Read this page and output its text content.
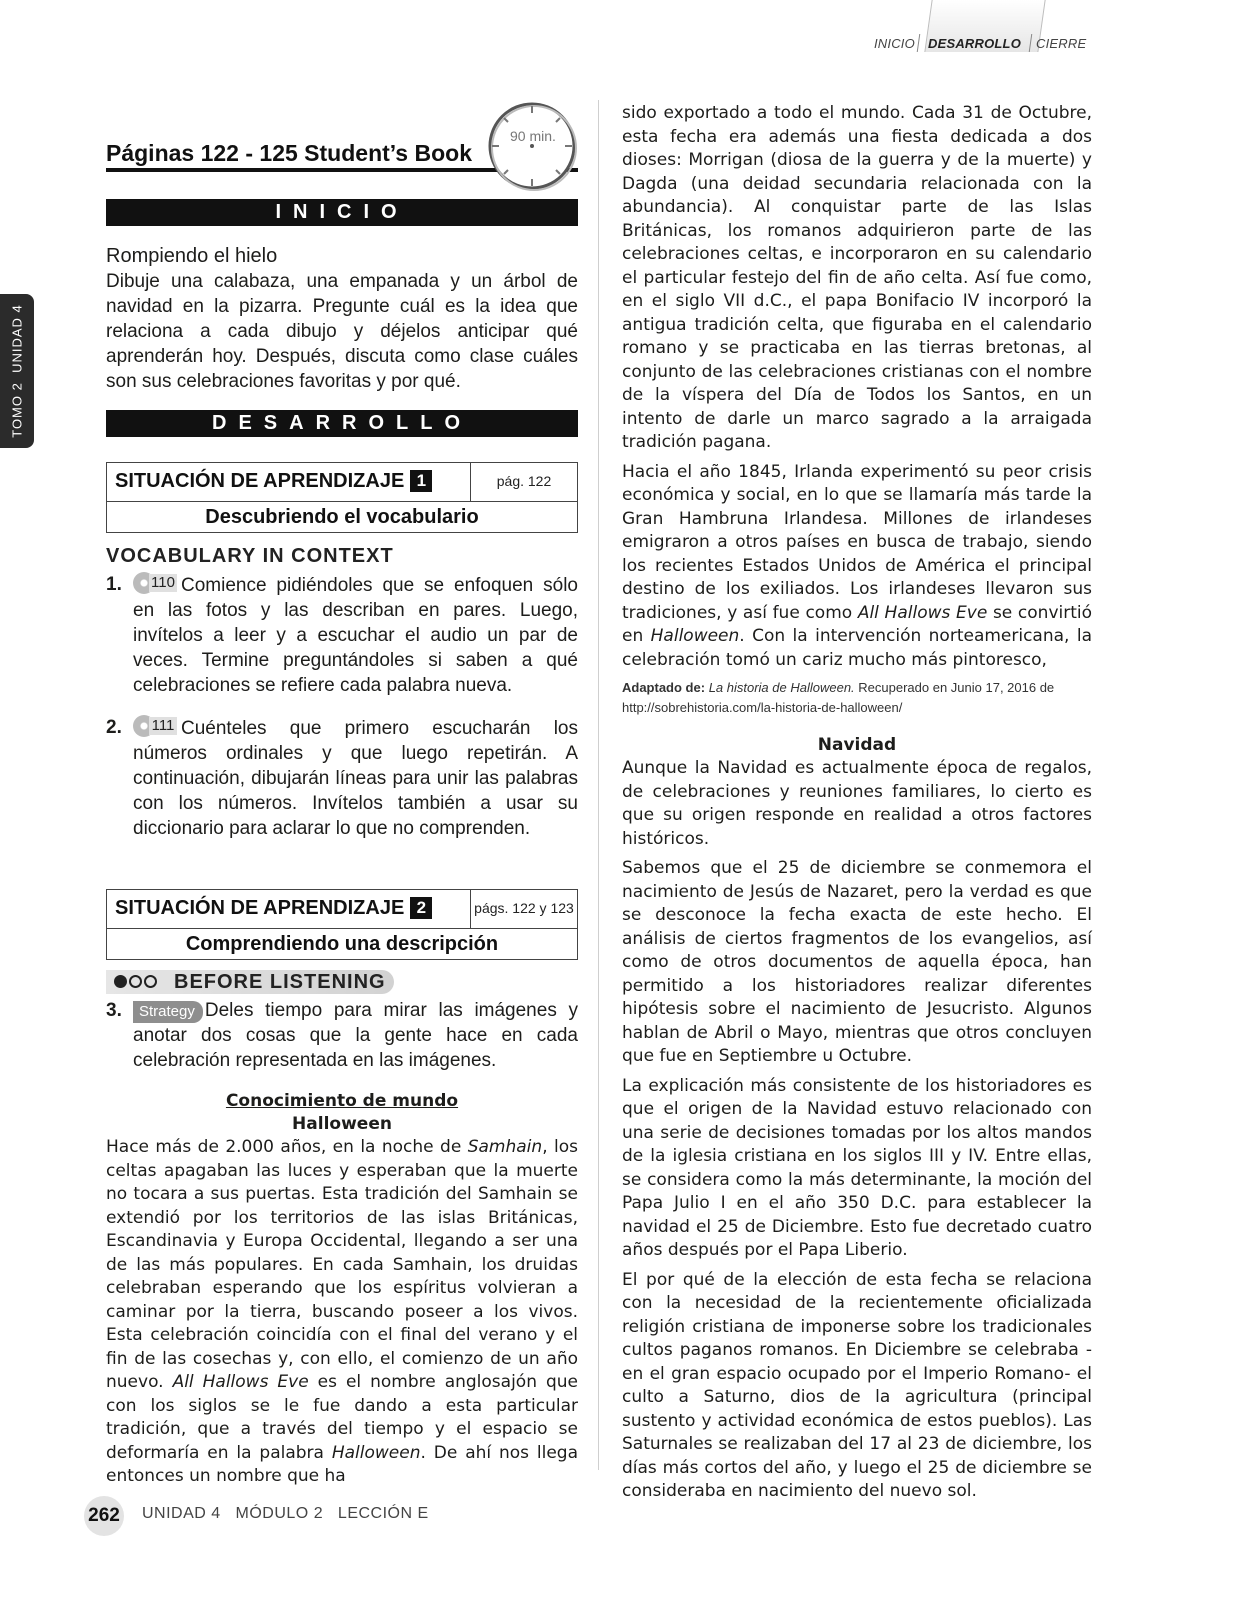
INICIO DESARROLLO CIERRE
TOMO 2  UNIDAD 4
Páginas 122 - 125 Student’s Book
90 min.
INICIO
Rompiendo el hielo
Dibuje una calabaza, una empanada y un árbol de navidad en la pizarra. Pregunte cuál es la idea que relaciona a cada dibujo y déjelos anticipar qué aprenderán hoy. Después, discuta como clase cuáles son sus celebraciones favoritas y por qué.
DESARROLLO
SITUACIÓN DE APRENDIZAJE 1	pág. 122
Descubriendo el vocabulario
VOCABULARY IN CONTEXT
1. 110 Comience pidiéndoles que se enfoquen sólo en las fotos y las describan en pares. Luego, invítelos a leer y a escuchar el audio un par de veces. Termine preguntándoles si saben a qué celebraciones se refiere cada palabra nueva.
2. 111 Cuénteles que primero escucharán los números ordinales y que luego repetirán. A continuación, dibujarán líneas para unir las palabras con los números. Invítelos también a usar su diccionario para aclarar lo que no comprenden.
SITUACIÓN DE APRENDIZAJE 2	págs. 122 y 123
Comprendiendo una descripción
BEFORE LISTENING
3.	Strategy Deles tiempo para mirar las imágenes y anotar dos cosas que la gente hace en cada celebración representada en las imágenes.
Conocimiento de mundo
Halloween
Hace más de 2.000 años, en la noche de Samhain, los celtas apagaban las luces y esperaban que la muerte no tocara a sus puertas. Esta tradición del Samhain se extendió por los territorios de las islas Británicas, Escandinavia y Europa Occidental, llegando a ser una de las más populares. En cada Samhain, los druidas celebraban esperando que los espíritus volvieran a caminar por la tierra, buscando poseer a los vivos. Esta celebración coincidía con el final del verano y el fin de las cosechas y, con ello, el comienzo de un año nuevo. All Hallows Eve es el nombre anglosajón que con los siglos se le fue dando a esta particular tradición, que a través del tiempo y el espacio se deformaría en la palabra Halloween. De ahí nos llega entonces un nombre que ha
sido exportado a todo el mundo. Cada 31 de Octubre, esta fecha era además una fiesta dedicada a dos dioses: Morrigan (diosa de la guerra y de la muerte) y Dagda (una deidad secundaria relacionada con la abundancia). Al conquistar parte de las Islas Británicas, los romanos adquirieron parte de las celebraciones celtas, e incorporaron en su calendario el particular festejo del fin de año celta. Así fue como, en el siglo VII d.C., el papa Bonifacio IV incorporó la antigua tradición celta, que figuraba en el calendario romano y se practicaba en las tierras bretonas, al conjunto de las celebraciones cristianas con el nombre de la víspera del Día de Todos los Santos, en un intento de darle un marco sagrado a la arraigada tradición pagana.
Hacia el año 1845, Irlanda experimentó su peor crisis económica y social, en lo que se llamaría más tarde la Gran Hambruna Irlandesa. Millones de irlandeses emigraron a otros países en busca de trabajo, siendo los recientes Estados Unidos de América el principal destino de los exiliados. Los irlandeses llevaron sus tradiciones, y así fue como All Hallows Eve se convirtió en Halloween. Con la intervención norteamericana, la celebración tomó un cariz mucho más pintoresco,
Adaptado de: La historia de Halloween. Recuperado en Junio 17, 2016 de http://sobrehistoria.com/la-historia-de-halloween/
Navidad
Aunque la Navidad es actualmente época de regalos, de celebraciones y reuniones familiares, lo cierto es que su origen responde en realidad a otros factores históricos.
Sabemos que el 25 de diciembre se conmemora el nacimiento de Jesús de Nazaret, pero la verdad es que se desconoce la fecha exacta de este hecho. El análisis de ciertos fragmentos de los evangelios, así como de otros documentos de aquella época, han permitido a los historiadores realizar diferentes hipótesis sobre el nacimiento de Jesucristo. Algunos hablan de Abril o Mayo, mientras que otros concluyen que fue en Septiembre u Octubre.
La explicación más consistente de los historiadores es que el origen de la Navidad estuvo relacionado con una serie de decisiones tomadas por los altos mandos de la iglesia cristiana en los siglos III y IV. Entre ellas, se considera como la más determinante, la moción del Papa Julio I en el año 350 D.C. para establecer la navidad el 25 de Diciembre. Esto fue decretado cuatro años después por el Papa Liberio.
El por qué de la elección de esta fecha se relaciona con la necesidad de la recientemente oficializada religión cristiana de imponerse sobre los tradicionales cultos paganos romanos. En Diciembre se celebraba -en el gran espacio ocupado por el Imperio Romano- el culto a Saturno, dios de la agricultura (principal sustento y actividad económica de estos pueblos). Las Saturnales se realizaban del 17 al 23 de diciembre, los días más cortos del año, y luego el 25 de diciembre se consideraba en nacimiento del nuevo sol.
262 UNIDAD 4   MÓDULO 2   LECCIÓN E
